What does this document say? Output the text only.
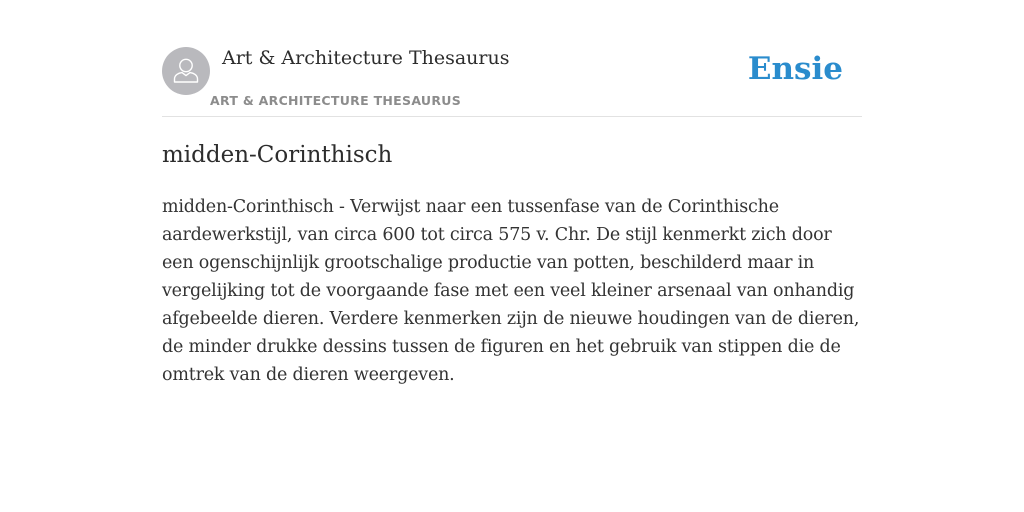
Art & Architecture Thesaurus
ART & ARCHITECTURE THESAURUS
Ensie
midden-Corinthisch

midden-Corinthisch - Verwijst naar een tussenfase van de Corinthische aardewerkstijl, van circa 600 tot circa 575 v. Chr. De stijl kenmerkt zich door een ogenschijnlijk grootschalige productie van potten, beschilderd maar in vergelijking tot de voorgaande fase met een veel kleiner arsenaal van onhandig afgebeelde dieren. Verdere kenmerken zijn de nieuwe houdingen van de dieren, de minder drukke dessins tussen de figuren en het gebruik van stippen die de omtrek van de dieren weergeven.
